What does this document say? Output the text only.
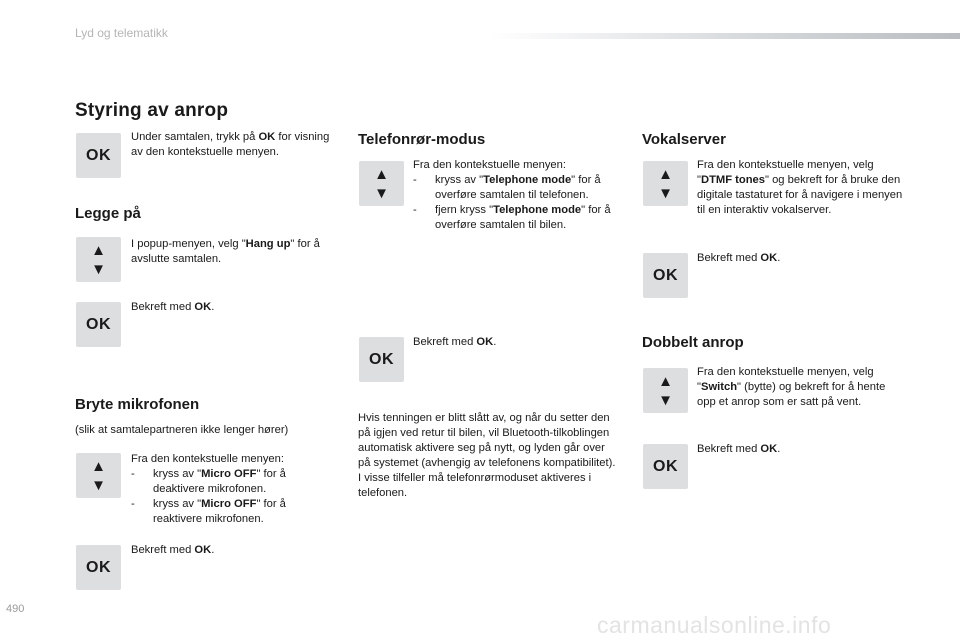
Lyd og telematikk
Styring av anrop
OK
Under samtalen, trykk på OK for visning av den kontekstuelle menyen.
Legge på
▲
▼
I popup-menyen, velg "Hang up" for å avslutte samtalen.
OK
Bekreft med OK.
Bryte mikrofonen
(slik at samtalepartneren ikke lenger hører)
▲
▼
Fra den kontekstuelle menyen:
- kryss av "Micro OFF" for å deaktivere mikrofonen.
- kryss av "Micro OFF" for å reaktivere mikrofonen.
OK
Bekreft med OK.
Telefonrør-modus
▲
▼
Fra den kontekstuelle menyen:
- kryss av "Telephone mode" for å overføre samtalen til telefonen.
- fjern kryss "Telephone mode" for å overføre samtalen til bilen.
OK
Bekreft med OK.
Hvis tenningen er blitt slått av, og når du setter den på igjen ved retur til bilen, vil Bluetooth-tilkoblingen automatisk aktivere seg på nytt, og lyden går over på systemet (avhengig av telefonens kompatibilitet).
I visse tilfeller må telefonrørmoduset aktiveres i telefonen.
Vokalserver
▲
▼
Fra den kontekstuelle menyen, velg "DTMF tones" og bekreft for å bruke den digitale tastaturet for å navigere i menyen til en interaktiv vokalserver.
OK
Bekreft med OK.
Dobbelt anrop
▲
▼
Fra den kontekstuelle menyen, velg "Switch" (bytte) og bekreft for å hente opp et anrop som er satt på vent.
OK
Bekreft med OK.
490
carmanualsonline.info
